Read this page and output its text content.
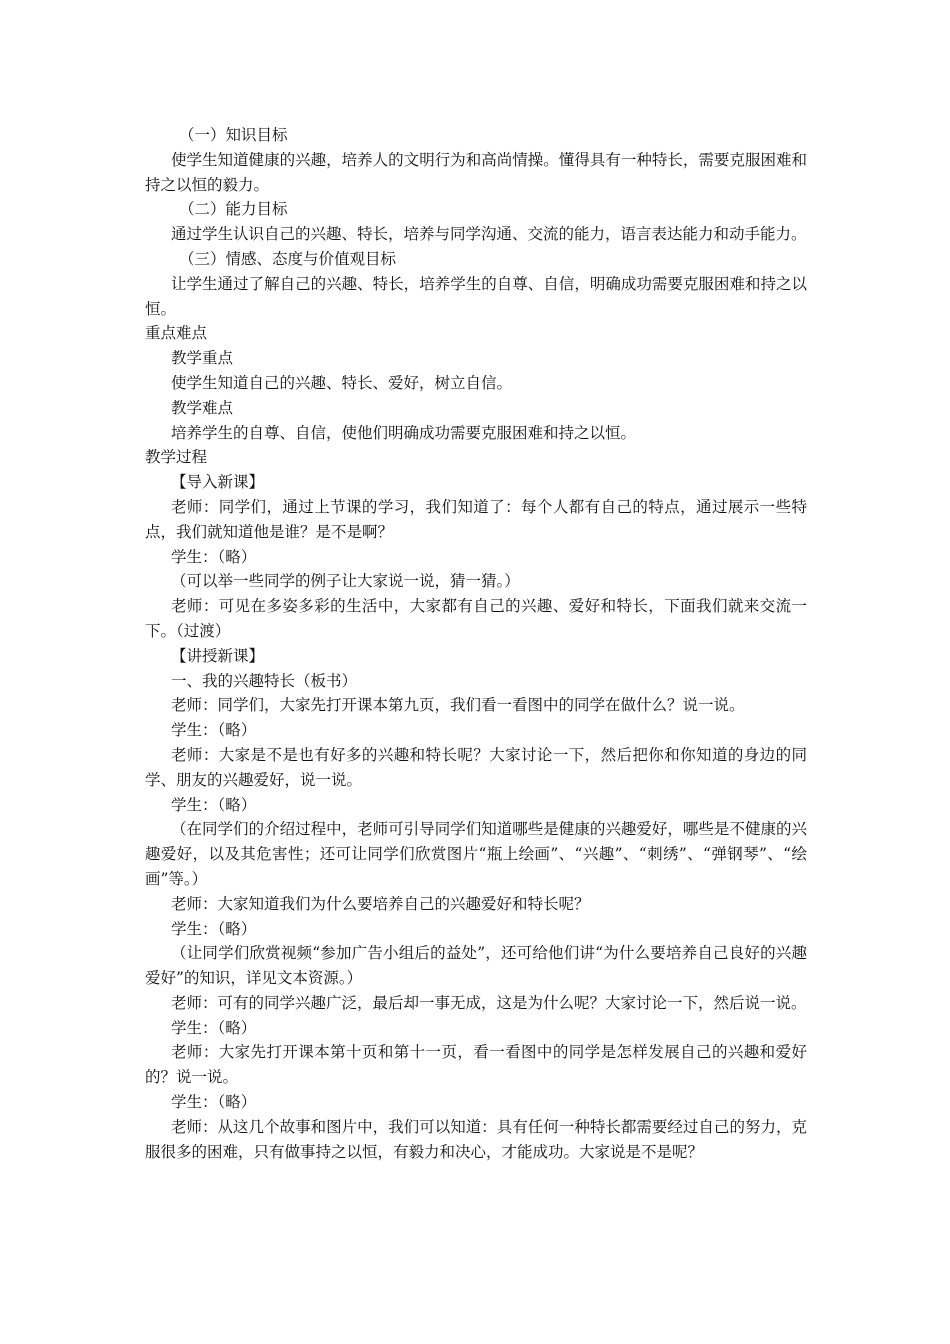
（一）知识目标

使学生知道健康的兴趣，培养人的文明行为和高尚情操。懂得具有一种特长，需要克服困难和持之以恒的毅力。

（二）能力目标

通过学生认识自己的兴趣、特长，培养与同学沟通、交流的能力，语言表达能力和动手能力。

（三）情感、态度与价值观目标

让学生通过了解自己的兴趣、特长，培养学生的自尊、自信，明确成功需要克服困难和持之以恒。

重点难点

教学重点

使学生知道自己的兴趣、特长、爱好，树立自信。

教学难点

培养学生的自尊、自信，使他们明确成功需要克服困难和持之以恒。

教学过程

【导入新课】

老师：同学们，通过上节课的学习，我们知道了：每个人都有自己的特点，通过展示一些特点，我们就知道他是谁？是不是啊？

学生：（略）

（可以举一些同学的例子让大家说一说，猜一猜。）

老师：可见在多姿多彩的生活中，大家都有自己的兴趣、爱好和特长，下面我们就来交流一下。（过渡）

【讲授新课】

一、我的兴趣特长（板书）

老师：同学们，大家先打开课本第九页，我们看一看图中的同学在做什么？说一说。

学生：（略）

老师：大家是不是也有好多的兴趣和特长呢？大家讨论一下，然后把你和你知道的身边的同学、朋友的兴趣爱好，说一说。

学生：（略）

（在同学们的介绍过程中，老师可引导同学们知道哪些是健康的兴趣爱好，哪些是不健康的兴趣爱好，以及其危害性；还可让同学们欣赏图片“瓶上绘画”、“兴趣”、“刺绣”、“弹钢琴”、“绘画”等。）

老师：大家知道我们为什么要培养自己的兴趣爱好和特长呢？

学生：（略）

（让同学们欣赏视频“参加广告小组后的益处”，还可给他们讲“为什么要培养自己良好的兴趣爱好”的知识，详见文本资源。）

老师：可有的同学兴趣广泛，最后却一事无成，这是为什么呢？大家讨论一下，然后说一说。

学生：（略）

老师：大家先打开课本第十页和第十一页，看一看图中的同学是怎样发展自己的兴趣和爱好的？说一说。

学生：（略）

老师：从这几个故事和图片中，我们可以知道：具有任何一种特长都需要经过自己的努力，克服很多的困难，只有做事持之以恒，有毅力和决心，才能成功。大家说是不是呢？
